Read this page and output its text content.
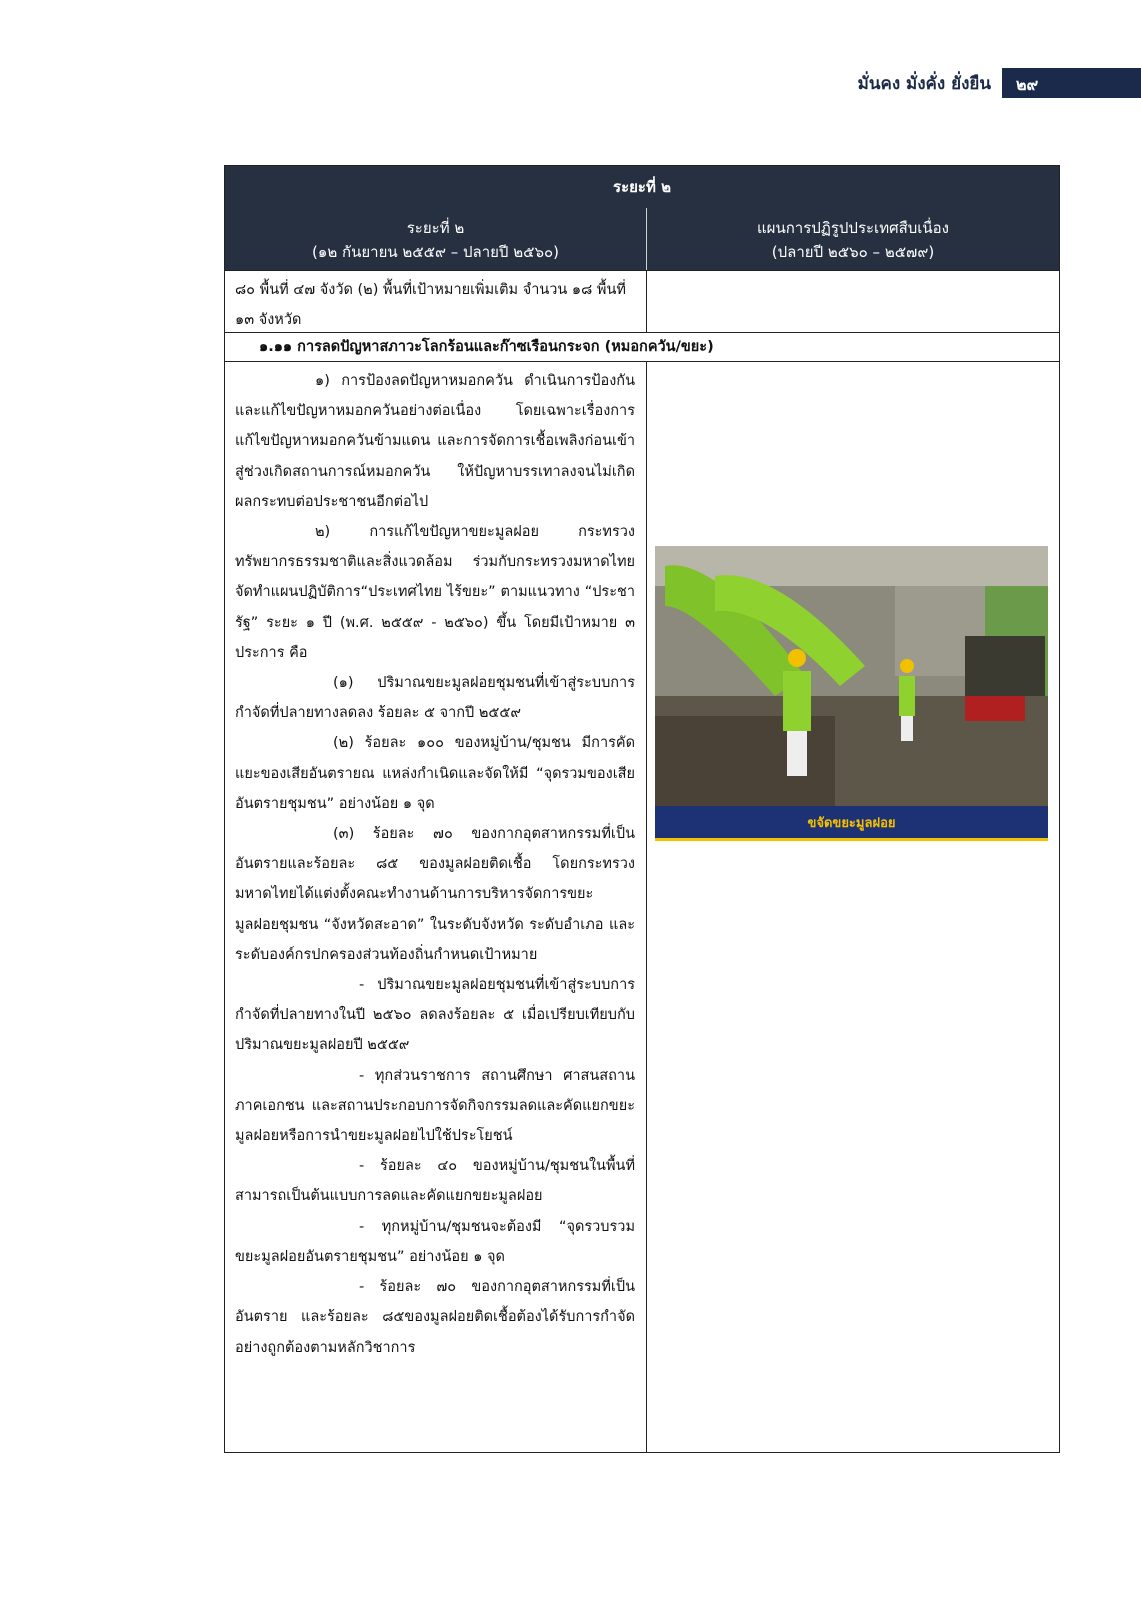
มั่นคง มั่งคั่ง ยั่งยืน	๒๙
ระยะที่ ๒
ระยะที่ ๒
(๑๒ กันยายน ๒๕๕๙ – ปลายปี ๒๕๖๐)
แผนการปฏิรูปประเทศสืบเนื่อง
(ปลายปี ๒๕๖๐ – ๒๕๗๙)
๘๐ พื้นที่ ๔๗ จังวัด (๒) พื้นที่เป้าหมายเพิ่มเติม จำนวน ๑๘ พื้นที่ ๑๓ จังหวัด
๑.๑๑ การลดปัญหาสภาวะโลกร้อนและก๊าซเรือนกระจก (หมอกควัน/ขยะ)

๑) การป้องลดปัญหาหมอกควัน ดำเนินการป้องกันและแก้ไขปัญหาหมอกควันอย่างต่อเนื่อง โดยเฉพาะเรื่องการแก้ไขปัญหาหมอกควันข้ามแดน และการจัดการเชื้อเพลิงก่อนเข้าสู่ช่วงเกิดสถานการณ์หมอกควัน ให้ปัญหาบรรเทาลงจนไม่เกิดผลกระทบต่อประชาชนอีกต่อไป

๒) การแก้ไขปัญหาขยะมูลฝอย กระทรวงทรัพยากรธรรมชาติและสิ่งแวดล้อม ร่วมกับกระทรวงมหาดไทยจัดทำแผนปฏิบัติการ“ประเทศไทย ไร้ขยะ” ตามแนวทาง “ประชารัฐ” ระยะ ๑ ปี (พ.ศ. ๒๕๕๙ - ๒๕๖๐) ขึ้น โดยมีเป้าหมาย ๓ ประการ คือ

(๑) ปริมาณขยะมูลฝอยชุมชนที่เข้าสู่ระบบการกำจัดที่ปลายทางลดลง ร้อยละ ๕ จากปี ๒๕๕๙

(๒) ร้อยละ ๑๐๐ ของหมู่บ้าน/ชุมชน มีการคัดแยะของเสียอันตรายณ แหล่งกำเนิดและจัดให้มี “จุดรวมของเสียอันตรายชุมชน” อย่างน้อย ๑ จุด

(๓) ร้อยละ ๗๐ ของกากอุตสาหกรรมที่เป็นอันตรายและร้อยละ ๘๕ ของมูลฝอยติดเชื้อ โดยกระทรวงมหาดไทยได้แต่งตั้งคณะทำงานด้านการบริหารจัดการขยะมูลฝอยชุมชน “จังหวัดสะอาด” ในระดับจังหวัด ระดับอำเภอ และระดับองค์กรปกครองส่วนท้องถิ่นกำหนดเป้าหมาย

- ปริมาณขยะมูลฝอยชุมชนที่เข้าสู่ระบบการกำจัดที่ปลายทางในปี ๒๕๖๐ ลดลงร้อยละ ๕ เมื่อเปรียบเทียบกับปริมาณขยะมูลฝอยปี ๒๕๕๙

- ทุกส่วนราชการ สถานศึกษา ศาสนสถาน ภาคเอกชน และสถานประกอบการจัดกิจกรรมลดและคัดแยกขยะมูลฝอยหรือการนำขยะมูลฝอยไปใช้ประโยชน์

- ร้อยละ ๔๐ ของหมู่บ้าน/ชุมชนในพื้นที่สามารถเป็นต้นแบบการลดและคัดแยกขยะมูลฝอย

- ทุกหมู่บ้าน/ชุมชนจะต้องมี “จุดรวบรวมขยะมูลฝอยอันตรายชุมชน” อย่างน้อย ๑ จุด

- ร้อยละ ๗๐ ของกากอุตสาหกรรมที่เป็นอันตราย และร้อยละ ๘๕ของมูลฝอยติดเชื้อต้องได้รับการกำจัดอย่างถูกต้องตามหลักวิชาการ

ขจัดขยะมูลฝอย
